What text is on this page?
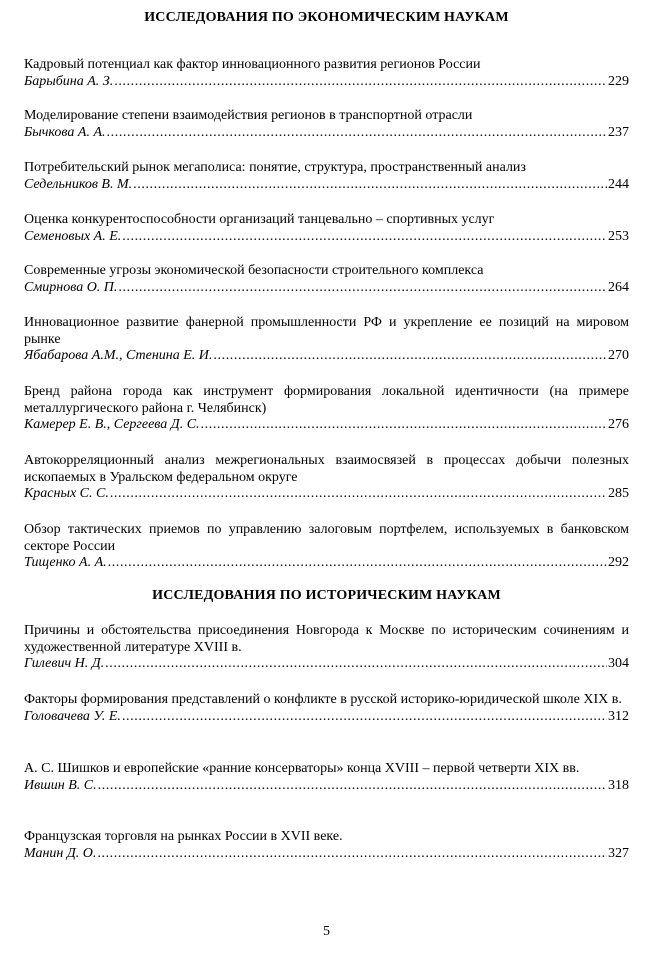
ИССЛЕДОВАНИЯ ПО ЭКОНОМИЧЕСКИМ НАУКАМ

Кадровый потенциал как фактор инновационного развития регионов России

Барыбина А. З. .....	229

Моделирование степени взаимодействия регионов в транспортной отрасли

Бычкова А. А. .....	237

Потребительский рынок мегаполиса: понятие, структура, пространственный анализ

Седельников В. М. .....	244

Оценка конкурентоспособности организаций танцевально – спортивных услуг

Семеновых А. Е. .....	253

Современные угрозы экономической безопасности строительного комплекса

Смирнова О. П. .....	264

Инновационное развитие фанерной промышленности РФ и укрепление ее позиций на мировом рынке

Ябабарова А.М., Стенина Е. И. .....	270

Бренд района города как инструмент формирования локальной идентичности (на примере металлургического района г. Челябинск)

Камерер Е. В., Сергеева Д. С. .....	276

Автокорреляционный анализ межрегиональных взаимосвязей в процессах добычи полезных ископаемых в Уральском федеральном округе

Красных С. С. .....	285

Обзор тактических приемов по управлению залоговым портфелем, используемых в банковском секторе России

Тищенко А. А. .....	292

ИССЛЕДОВАНИЯ ПО ИСТОРИЧЕСКИМ НАУКАМ

Причины и обстоятельства присоединения Новгорода к Москве по историческим сочинениям и художественной литературе XVIII в.

Гилевич Н. Д. .....	304

Факторы формирования представлений о конфликте в русской историко-юридической школе XIX в.

Головачева У. Е. .....	312

А. С. Шишков и европейские «ранние консерваторы» конца XVIII – первой четверти XIX вв.

Ившин В. С. .....	318

Французская торговля на рынках России в XVII веке.

Манин Д. О. .....	327

5
